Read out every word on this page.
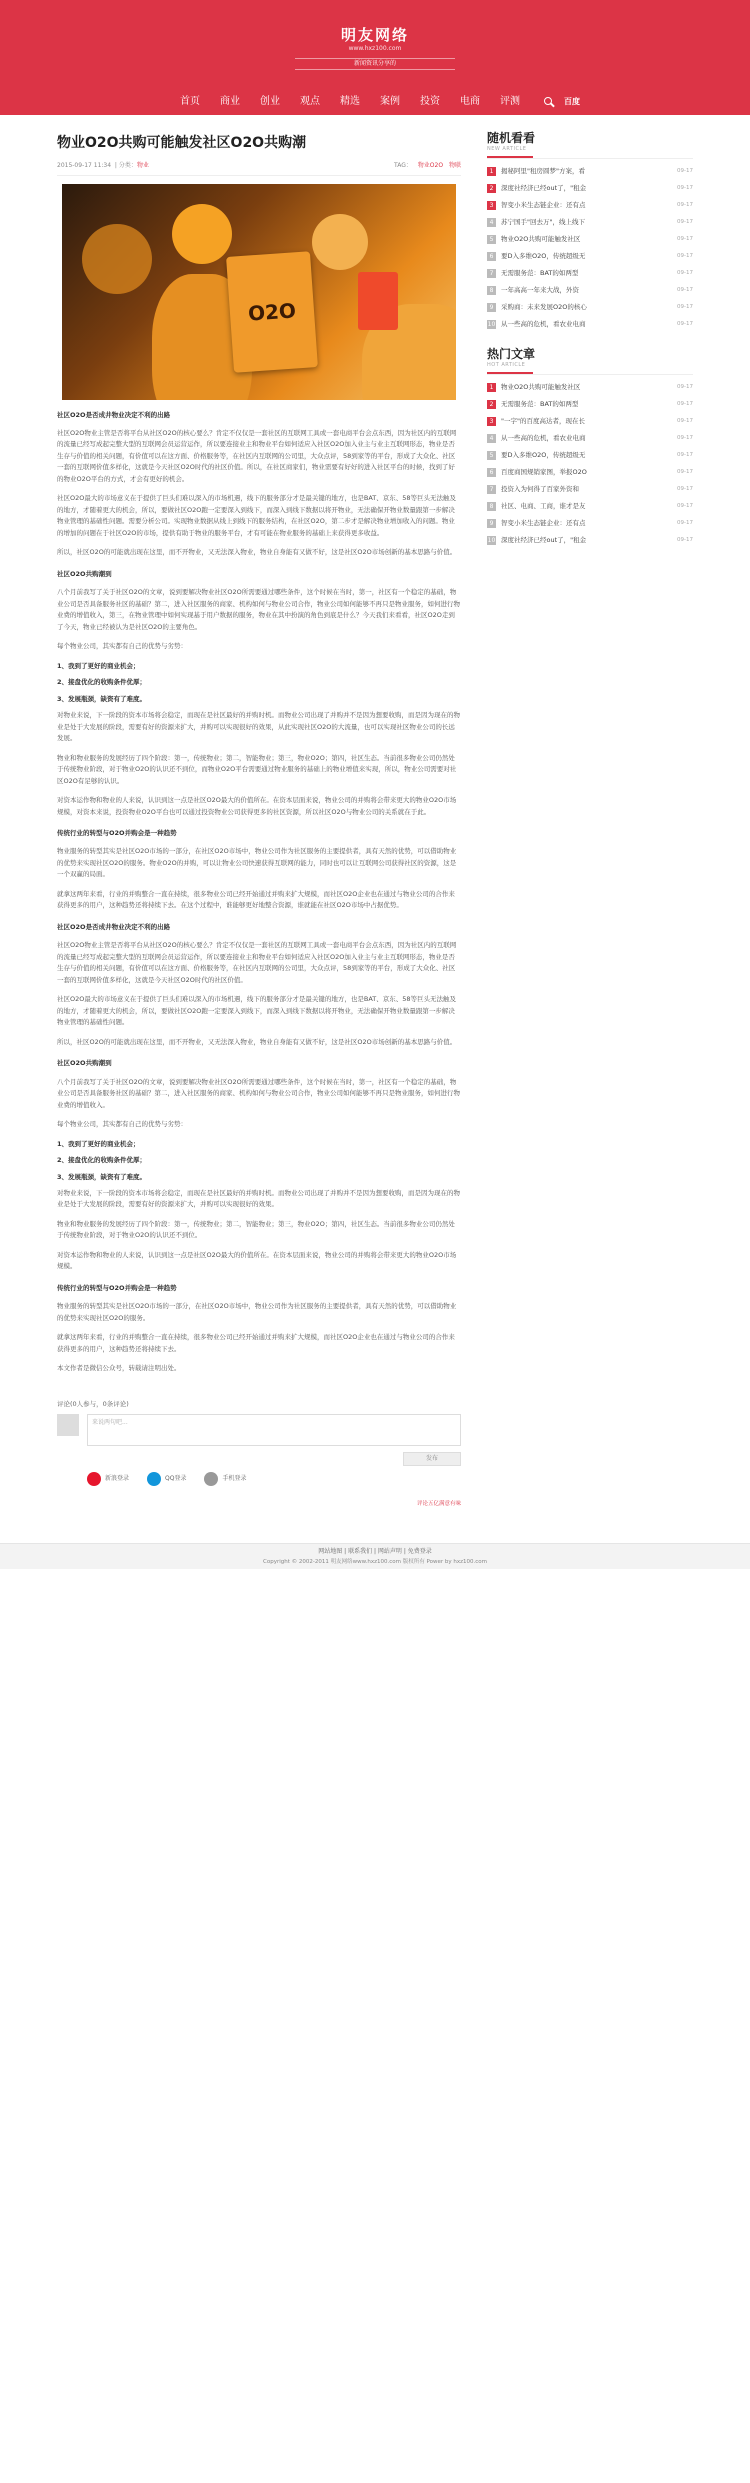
明友网络
www.hxz100.com
新闻资讯分享的
首页	商业	创业	观点	精选	案例	投资	电商	评测	百度
物业O2O共购可能触发社区O2O共购潮
2015-09-17 11:34  | 分类：物业	TAG： 物业O2O 物联
O2O
社区O2O是否成井物业决定不利的出路

社区O2O物业主管是否将平台从社区O2O的核心要么？肯定不仅仅是一套社区的互联网工具或一套电商平台会点东西，因为社区内的互联网的流量已经写成起完整大型的互联网会员运营运作，所以要连接业主和物业平台如何适应入社区O2O加入业主与业主互联网形态，物业是否生存与价值的相关问题，有价值可以在这方面、价格服务等，在社区内互联网的公司里，大众点评，58到家等的平台，形成了大众化、社区一套的互联网价值多样化，这就是今天社区O2O时代的社区价值。所以，在社区商家们，物业需要有好好的进入社区平台的时候，找到了好的物业O2O平台的方式，才会有更好的机会。

社区O2O最大的市场意义在于提供了巨头们难以深入的市场机遇，线下的服务部分才是最关键的地方，也是BAT、京东、58等巨头无法触及的地方，才随着更大的机会，所以，要做社区O2O跑一定要深入到线下，而深入到线下数据以将开物业，无法确保开物业数量跟第一步解决物业管理的基础性问题。需要分析公司。实现物业数据从线上到线下的服务结构，在社区O2O，第二步才是解决物业增加收入的问题。物业的增加的问题在于社区O2O的市场，提供有助于物业的服务平台，才有可能在物业服务的基础上来获得更多收益。

所以，社区O2O的可能就出现在这里，而不开物业，又无法深入物业，物业自身能有又做不好，这是社区O2O市场创新的基本思路与价值。

社区O2O共购潮到

八个月前我写了关于社区O2O的文章，说到要解决物业社区O2O所需要通过哪些条件，这个时候在当时，第一，社区有一个稳定的基础，物业公司是否具备服务社区的基础？第二，进入社区服务的商家、机构如何与物业公司合作，物业公司如何能够不再只是物业服务，如何进行物业费的增值收入，第三，在物业管理中如何实现基于用户数据的服务，物业在其中扮演的角色到底是什么？今天我们来看看，社区O2O走到了今天，物业已经被认为是社区O2O的主要角色。

每个物业公司，其实都有自己的优势与劣势：

1、我到了更好的商业机会；
2、接盘优化的收购条件优厚；
3、发展瓶颈，缺资有了难度。

对物业来说，下一阶段的资本市场将会稳定，而现在是社区最好的并购时机。而物业公司出现了并购并不是因为想要收购，而是因为现在的物业是处于大发展的阶段，需要有好的资源来扩大，并购可以实现很好的效果，从此实现社区O2O的大流量，也可以实现社区物业公司的长远发展。

物业和物业服务的发展经历了四个阶段：第一，传统物业；第二，智能物业；第三，物业O2O；第四，社区生态。当前很多物业公司仍然处于传统物业阶段，对于物业O2O的认识还不到位，而物业O2O平台需要通过物业服务的基础上的物业增值来实现，所以，物业公司需要对社区O2O有足够的认识。

对资本运作物和物业的人来说，认识到这一点是社区O2O最大的价值所在。在资本层面来说，物业公司的并购将会带来更大的物业O2O市场规模，对资本来说，投资物业O2O平台也可以通过投资物业公司获得更多的社区资源，所以社区O2O与物业公司的关系就在于此。

传统行业的转型与O2O并购会是一种趋势

物业服务的转型其实是社区O2O市场的一部分，在社区O2O市场中，物业公司作为社区服务的主要提供者，具有天然的优势，可以借助物业的优势来实现社区O2O的服务。物业O2O的并购，可以让物业公司快速获得互联网的能力，同时也可以让互联网公司获得社区的资源，这是一个双赢的局面。

就拿这两年来看，行业的并购整合一直在持续，很多物业公司已经开始通过并购来扩大规模，而社区O2O企业也在通过与物业公司的合作来获得更多的用户，这种趋势还将持续下去。在这个过程中，谁能够更好地整合资源，谁就能在社区O2O市场中占据优势。

社区O2O是否成井物业决定不利的出路

社区O2O物业主管是否将平台从社区O2O的核心要么？肯定不仅仅是一套社区的互联网工具或一套电商平台会点东西，因为社区内的互联网的流量已经写成起完整大型的互联网会员运营运作，所以要连接业主和物业平台如何适应入社区O2O加入业主与业主互联网形态，物业是否生存与价值的相关问题，有价值可以在这方面、价格服务等，在社区内互联网的公司里，大众点评，58到家等的平台，形成了大众化、社区一套的互联网价值多样化，这就是今天社区O2O时代的社区价值。

社区O2O最大的市场意义在于提供了巨头们难以深入的市场机遇，线下的服务部分才是最关键的地方，也是BAT、京东、58等巨头无法触及的地方，才随着更大的机会，所以，要做社区O2O跑一定要深入到线下，而深入到线下数据以将开物业，无法确保开物业数量跟第一步解决物业管理的基础性问题。

所以，社区O2O的可能就出现在这里，而不开物业，又无法深入物业，物业自身能有又做不好，这是社区O2O市场创新的基本思路与价值。

社区O2O共购潮到

八个月前我写了关于社区O2O的文章，说到要解决物业社区O2O所需要通过哪些条件，这个时候在当时，第一，社区有一个稳定的基础，物业公司是否具备服务社区的基础？第二，进入社区服务的商家、机构如何与物业公司合作，物业公司如何能够不再只是物业服务，如何进行物业费的增值收入。

每个物业公司，其实都有自己的优势与劣势：

1、我到了更好的商业机会；
2、接盘优化的收购条件优厚；
3、发展瓶颈，缺资有了难度。

对物业来说，下一阶段的资本市场将会稳定，而现在是社区最好的并购时机。而物业公司出现了并购并不是因为想要收购，而是因为现在的物业是处于大发展的阶段，需要有好的资源来扩大，并购可以实现很好的效果。

物业和物业服务的发展经历了四个阶段：第一，传统物业；第二，智能物业；第三，物业O2O；第四，社区生态。当前很多物业公司仍然处于传统物业阶段，对于物业O2O的认识还不到位。

对资本运作物和物业的人来说，认识到这一点是社区O2O最大的价值所在。在资本层面来说，物业公司的并购将会带来更大的物业O2O市场规模。

传统行业的转型与O2O并购会是一种趋势

物业服务的转型其实是社区O2O市场的一部分，在社区O2O市场中，物业公司作为社区服务的主要提供者，具有天然的优势，可以借助物业的优势来实现社区O2O的服务。

就拿这两年来看，行业的并购整合一直在持续，很多物业公司已经开始通过并购来扩大规模，而社区O2O企业也在通过与物业公司的合作来获得更多的用户，这种趋势还将持续下去。

本文作者是微信公众号，转载请注明出处。

评论(0人参与，0条评论)
来说两句吧...
发布
新浪登录	QQ登录	手机登录
评论五亿满意有味
随机看看
NEW ARTICLE
1	揭秘阿里"租房圆梦"方案，看	09-17
2	深度社经济已经out了，"租金	09-17
3	智变小米生态链企业：还有点	09-17
4	苏宁国手"回去万"，线上线下	09-17
5	物业O2O共购可能触发社区	09-17
6	要D入多维O2O，传统超级无	09-17
7	无需服务范：BAT的如两型	09-17
8	一年高高一年来大战，外资	09-17
9	采购商：未来发展O2O的核心	09-17
10 从一些高的危机，看农业电商	09-17
热门文章
HOT ARTICLE
1	物业O2O共购可能触发社区	09-17
2	无需服务范：BAT的如两型	09-17
3	"一字"的百度高达者，现在长	09-17
4	从一些高的危机，看农业电商	09-17
5	要D入多维O2O，传统超级无	09-17
6	百度商国规销家图，举报O2O	09-17
7	投资入为何得了百家外资和	09-17
8	社区、电商、工商，谁才是友	09-17
9	智变小米生态链企业：还有点	09-17
10 深度社经济已经out了，"租金	09-17
网站地图 | 联系我们 | 网站声明 | 免费登录
Copyright © 2002-2011 明友网络www.hxz100.com 版权所有 Power by hxz100.com
